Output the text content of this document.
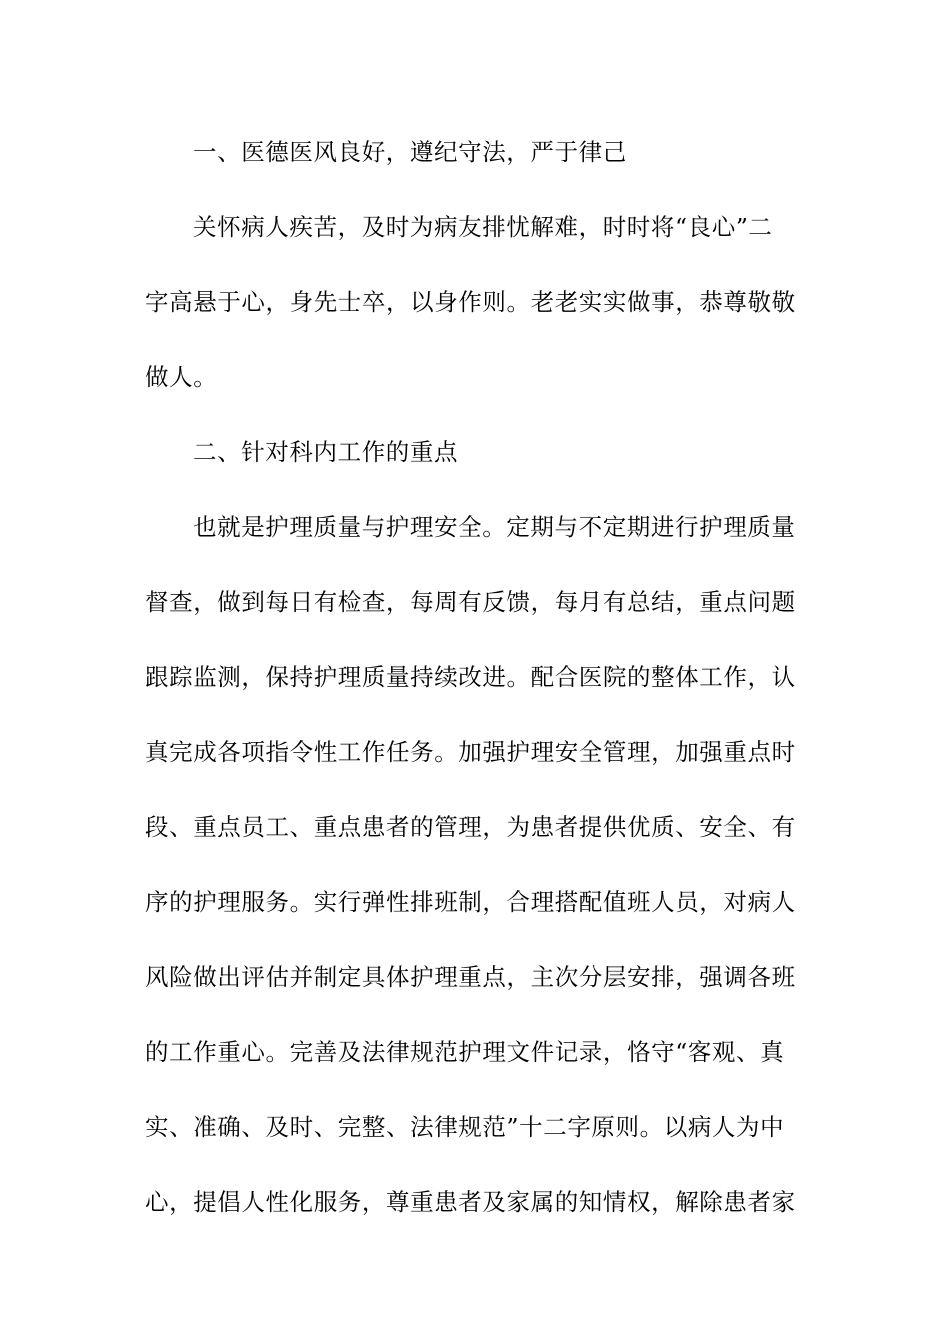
一、医德医风良好，遵纪守法，严于律己
关怀病人疾苦，及时为病友排忧解难，时时将“良心”二
字高悬于心，身先士卒，以身作则。老老实实做事，恭尊敬敬
做人。
二、针对科内工作的重点
也就是护理质量与护理安全。定期与不定期进行护理质量
督查，做到每日有检查，每周有反馈，每月有总结，重点问题
跟踪监测，保持护理质量持续改进。配合医院的整体工作，认
真完成各项指令性工作任务。加强护理安全管理，加强重点时
段、重点员工、重点患者的管理，为患者提供优质、安全、有
序的护理服务。实行弹性排班制，合理搭配值班人员，对病人
风险做出评估并制定具体护理重点，主次分层安排，强调各班
的工作重心。完善及法律规范护理文件记录，恪守“客观、真
实、准确、及时、完整、法律规范”十二字原则。以病人为中
心，提倡人性化服务，尊重患者及家属的知情权，解除患者家
